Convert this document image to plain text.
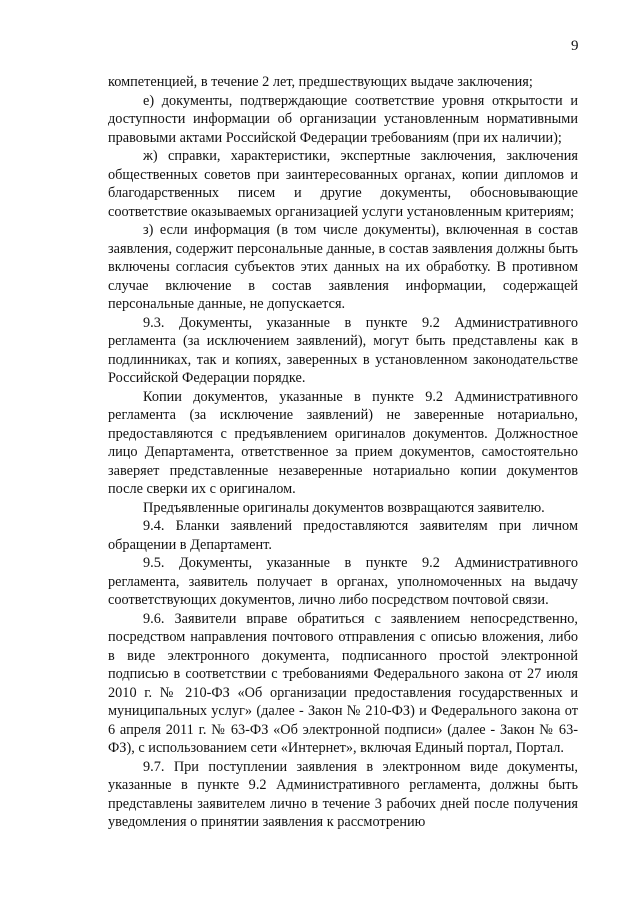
9

компетенцией, в течение 2 лет, предшествующих выдаче заключения;

е) документы, подтверждающие соответствие уровня открытости и доступности информации об организации установленным нормативными правовыми актами Российской Федерации требованиям (при их наличии);

ж) справки, характеристики, экспертные заключения, заключения общественных советов при заинтересованных органах, копии дипломов и благодарственных писем и другие документы, обосновывающие соответствие оказываемых организацией услуги установленным критериям;

з) если информация (в том числе документы), включенная в состав заявления, содержит персональные данные, в состав заявления должны быть включены согласия субъектов этих данных на их обработку. В противном случае включение в состав заявления информации, содержащей персональные данные, не допускается.

9.3. Документы, указанные в пункте 9.2 Административного регламента (за исключением заявлений), могут быть представлены как в подлинниках, так и копиях, заверенных в установленном законодательстве Российской Федерации порядке.

Копии документов, указанные в пункте 9.2 Административного регламента (за исключение заявлений) не заверенные нотариально, предоставляются с предъявлением оригиналов документов. Должностное лицо Департамента, ответственное за прием документов, самостоятельно заверяет представленные незаверенные нотариально копии документов после сверки их с оригиналом.

Предъявленные оригиналы документов возвращаются заявителю.

9.4. Бланки заявлений предоставляются заявителям при личном обращении в Департамент.

9.5. Документы, указанные в пункте 9.2 Административного регламента, заявитель получает в органах, уполномоченных на выдачу соответствующих документов, лично либо посредством почтовой связи.

9.6. Заявители вправе обратиться с заявлением непосредственно, посредством направления почтового отправления с описью вложения, либо в виде электронного документа, подписанного простой электронной подписью в соответствии с требованиями Федерального закона от 27 июля 2010 г. № 210-ФЗ «Об организации предоставления государственных и муниципальных услуг» (далее - Закон № 210-ФЗ) и Федерального закона от 6 апреля 2011 г. № 63-ФЗ «Об электронной подписи» (далее - Закон № 63-ФЗ), с использованием сети «Интернет», включая Единый портал, Портал.

9.7. При поступлении заявления в электронном виде документы, указанные в пункте 9.2 Административного регламента, должны быть представлены заявителем лично в течение 3 рабочих дней после получения уведомления о принятии заявления к рассмотрению
